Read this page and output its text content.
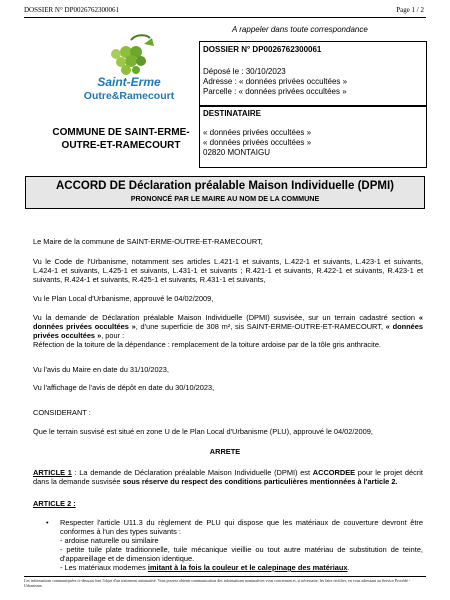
DOSSIER N° DP0026762300061	Page 1 / 2
A rappeler dans toute correspondance
Saint-Erme
Outre&Ramecourt
COMMUNE DE SAINT-ERME-
OUTRE-ET-RAMECOURT
DOSSIER N° DP0026762300061
Déposé le : 30/10/2023
Adresse : « données privées occultées »
Parcelle : « données privées occultées »
DESTINATAIRE
« données privées occultées »
« données privées occultées »
02820 MONTAIGU
ACCORD DE Déclaration préalable Maison Individuelle (DPMI)
PRONONCÉ PAR LE MAIRE AU NOM DE LA COMMUNE
Le Maire de la commune de SAINT-ERME-OUTRE-ET-RAMECOURT,
Vu le Code de l'Urbanisme, notamment ses articles L.421-1 et suivants, L.422-1 et suivants, L.423-1 et suivants, L.424-1 et suivants, L.425-1 et suivants, L.431-1 et suivants ; R.421-1 et suivants, R.422-1 et suivants, R.423-1 et suivants, R.424-1 et suivants, R.425-1 et suivants, R.431-1 et suivants,
Vu le Plan Local d'Urbanisme, approuvé le 04/02/2009,
Vu la demande de Déclaration préalable Maison Individuelle (DPMI) susvisée, sur un terrain cadastré section « données privées occultées », d'une superficie de 308 m², sis SAINT-ERME-OUTRE-ET-RAMECOURT, « données privées occultées », pour :
Réfection de la toiture de la dépendance : remplacement de la toiture ardoise par de la tôle gris anthracite.
Vu l'avis du Maire en date du 31/10/2023,
Vu l'affichage de l'avis de dépôt en date du 30/10/2023,
CONSIDERANT :
Que le terrain susvisé est situé en zone U de le Plan Local d'Urbanisme (PLU), approuvé le 04/02/2009,
ARRETE
ARTICLE 1 : La demande de Déclaration préalable Maison Individuelle (DPMI) est ACCORDEE pour le projet décrit dans la demande susvisée sous réserve du respect des conditions particulières mentionnées à l'article 2.
ARTICLE 2 :
•	Respecter l'article U11.3 du règlement de PLU qui dispose que les matériaux de couverture devront être conformes à l'un des types suivants :

- ardoise naturelle ou similaire

- petite tuile plate traditionnelle, tuile mécanique vieillie ou tout autre matériau de substitution de teinte, d'appareillage et de dimension identique.

- Les matériaux modernes imitant à la fois la couleur et le calepinage des matériaux.

Les informations communiquées ci-dessous font l'objet d'un traitement automatisé. Vous pouvez obtenir communication des informations nominatives vous concernant et, si nécessaire, les faire rectifier, en vous adressant au Service Procédé - Urbanisme.
